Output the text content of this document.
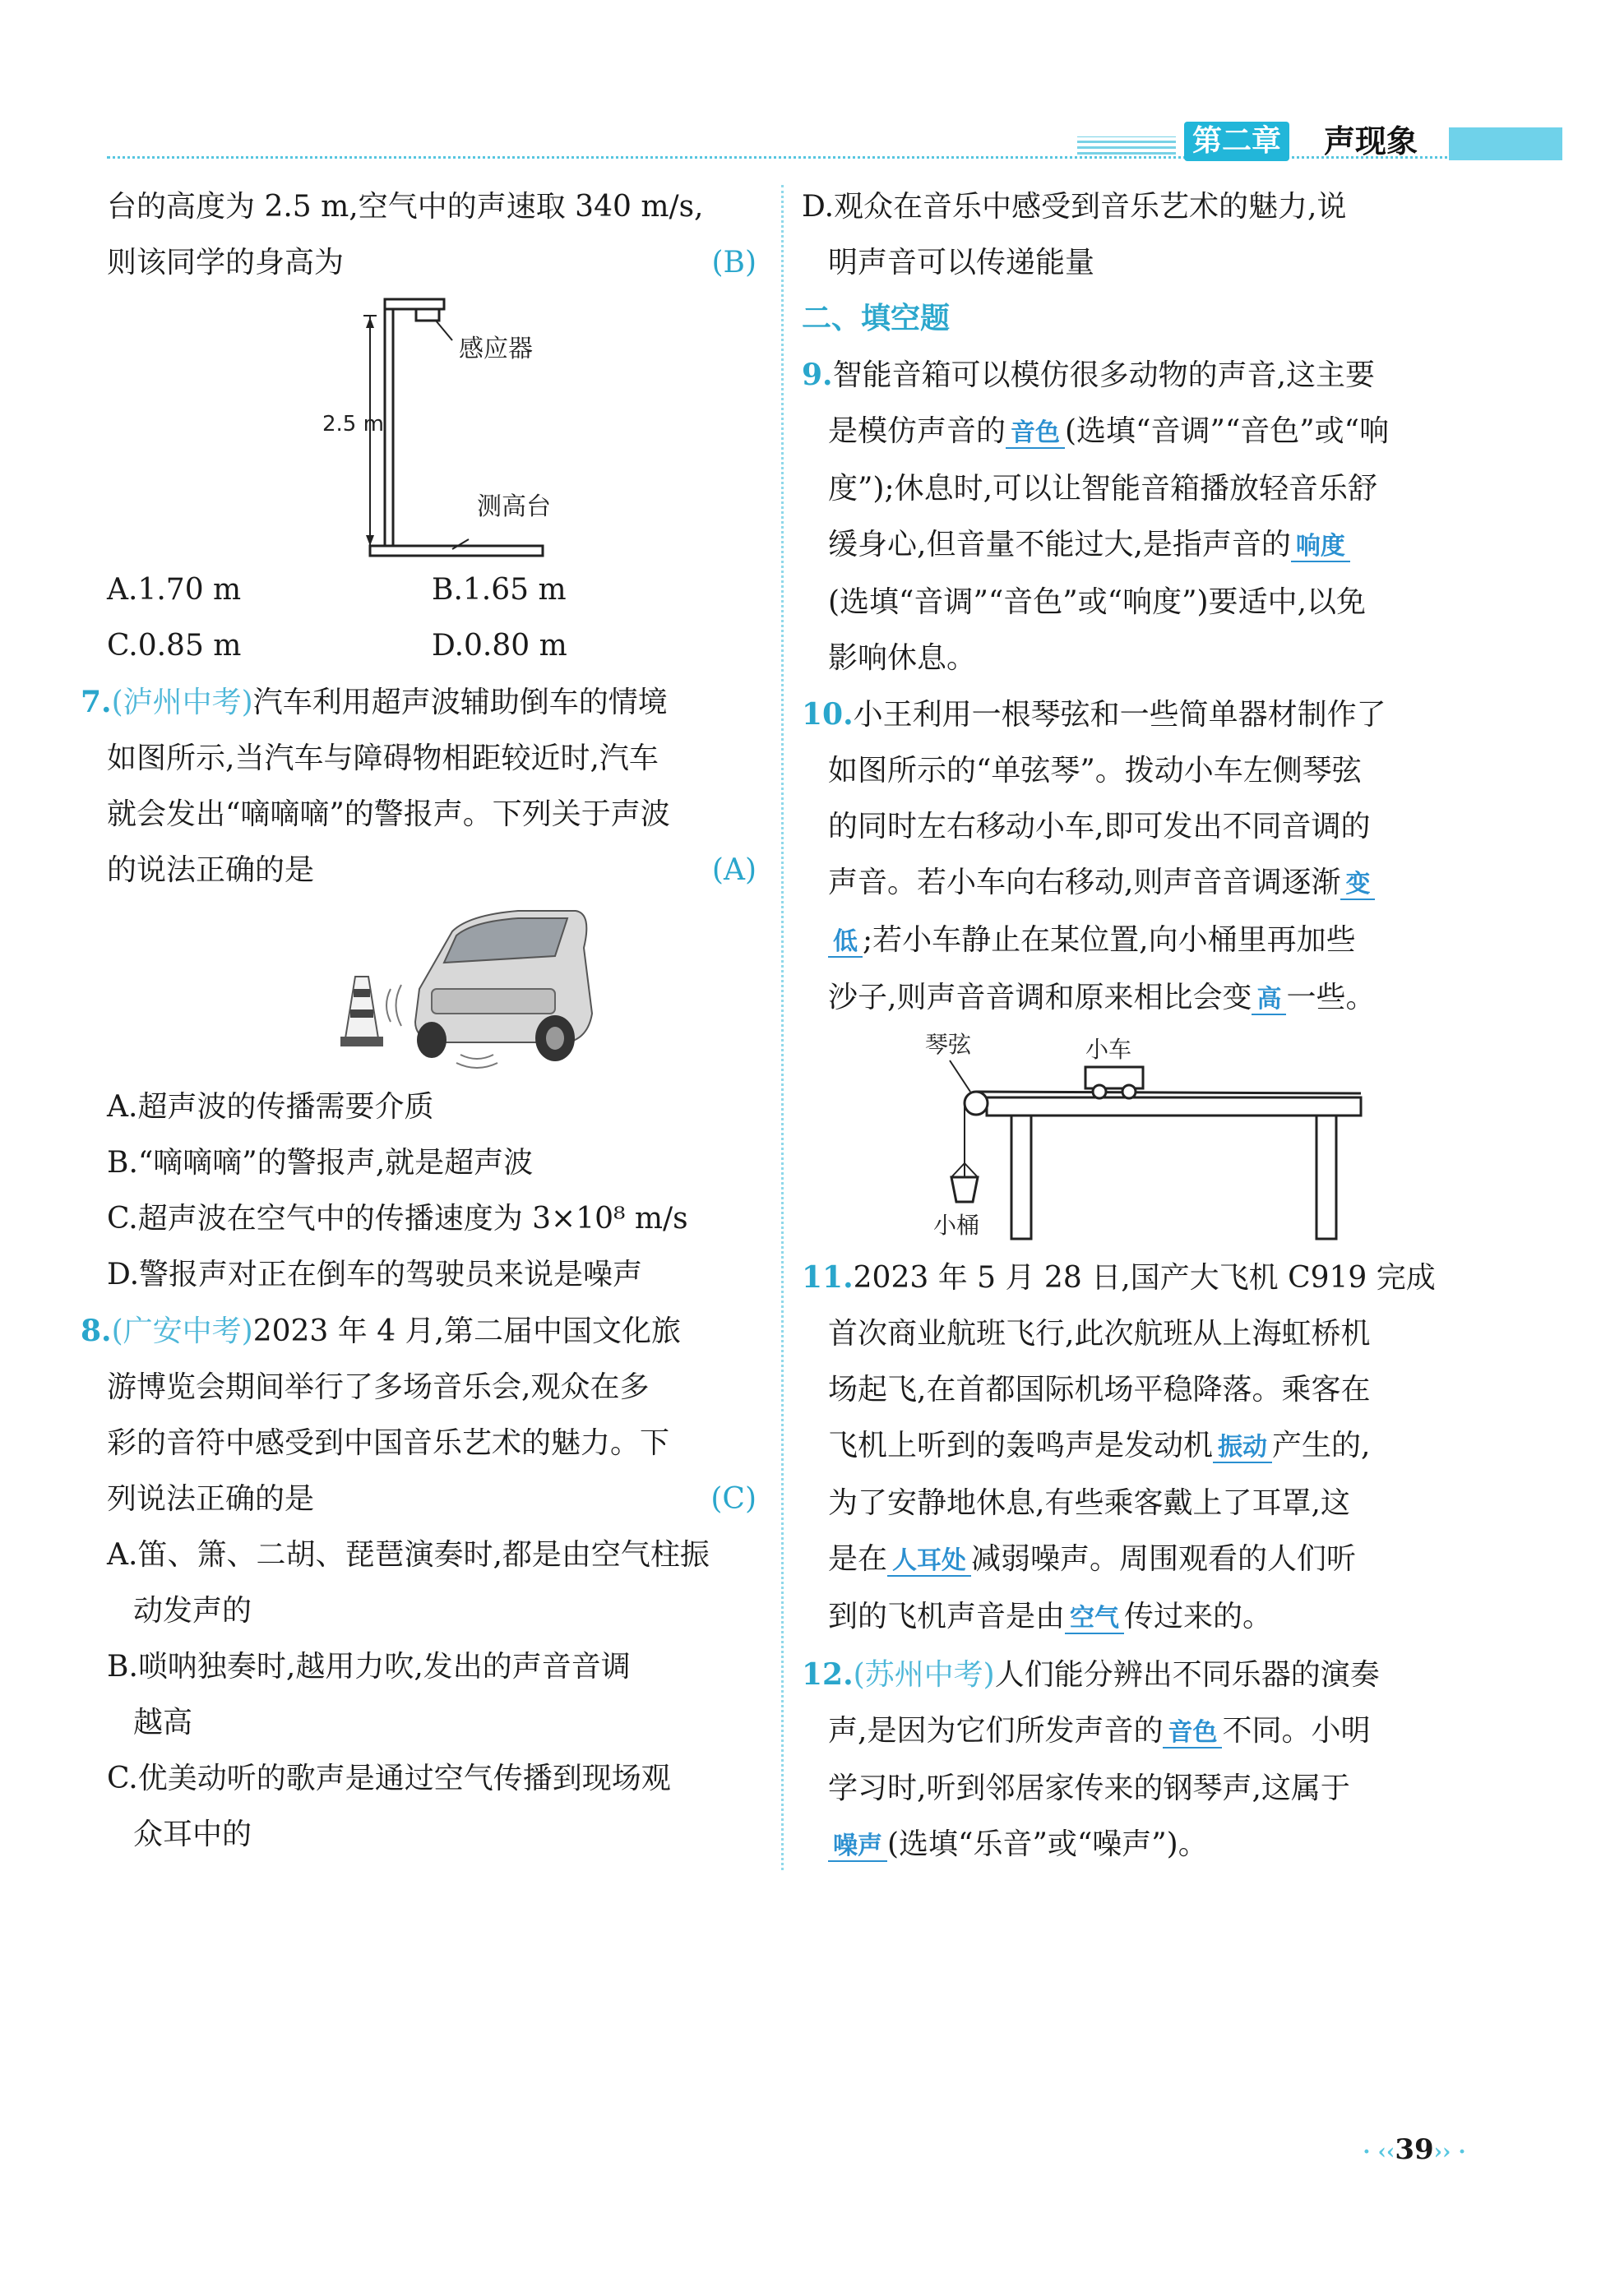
第二章 声现象

台的高度为 2.5 m,空气中的声速取 340 m/s,

则该同学的身高为	(B)

感应器
2.5 m
测高台
A.1.70 m	B.1.65 m
C.0.85 m	D.0.80 m

7.(泸州中考)汽车利用超声波辅助倒车的情境

如图所示,当汽车与障碍物相距较近时,汽车

就会发出“嘀嘀嘀”的警报声。下列关于声波

的说法正确的是	(A)

A.超声波的传播需要介质

B.“嘀嘀嘀”的警报声,就是超声波

C.超声波在空气中的传播速度为 3×10⁸ m/s

D.警报声对正在倒车的驾驶员来说是噪声

8.(广安中考)2023 年 4 月,第二届中国文化旅

游博览会期间举行了多场音乐会,观众在多

彩的音符中感受到中国音乐艺术的魅力。下

列说法正确的是	(C)

A.笛、箫、二胡、琵琶演奏时,都是由空气柱振

动发声的

B.唢呐独奏时,越用力吹,发出的声音音调

越高

C.优美动听的歌声是通过空气传播到现场观

众耳中的

D.观众在音乐中感受到音乐艺术的魅力,说

明声音可以传递能量

二、填空题

9.智能音箱可以模仿很多动物的声音,这主要

是模仿声音的 音色 (选填“音调”“音色”或“响

度”);休息时,可以让智能音箱播放轻音乐舒

缓身心,但音量不能过大,是指声音的 响度

(选填“音调”“音色”或“响度”)要适中,以免

影响休息。

10.小王利用一根琴弦和一些简单器材制作了

如图所示的“单弦琴”。拨动小车左侧琴弦

的同时左右移动小车,即可发出不同音调的

声音。若小车向右移动,则声音音调逐渐 变

低 ;若小车静止在某位置,向小桶里再加些

沙子,则声音音调和原来相比会变 高 一些。

琴弦	小车
小桶

11.2023 年 5 月 28 日,国产大飞机 C919 完成

首次商业航班飞行,此次航班从上海虹桥机

场起飞,在首都国际机场平稳降落。乘客在

飞机上听到的轰鸣声是发动机 振动 产生的,

为了安静地休息,有些乘客戴上了耳罩,这

是在 人耳处 减弱噪声。周围观看的人们听

到的飞机声音是由 空气 传过来的。

12.(苏州中考)人们能分辨出不同乐器的演奏

声,是因为它们所发声音的 音色 不同。小明

学习时,听到邻居家传来的钢琴声,这属于

噪声 (选填“乐音”或“噪声”)。

· ‹‹ 39 ›› ·
